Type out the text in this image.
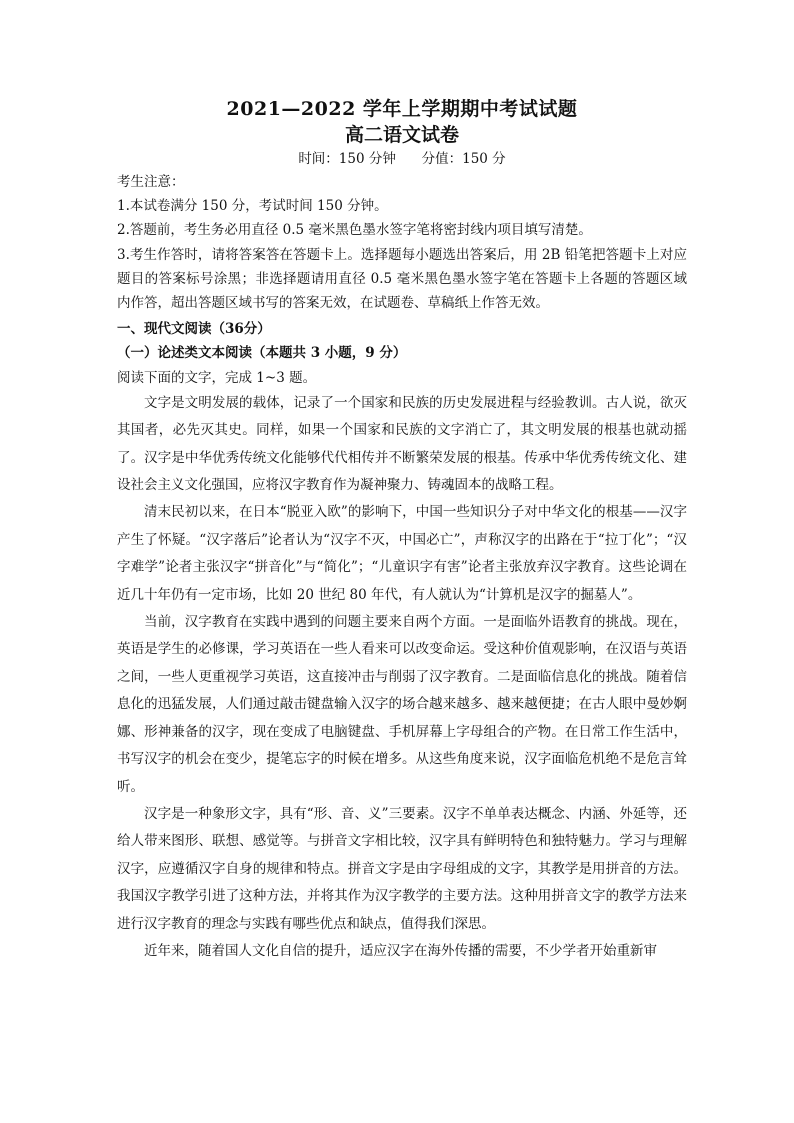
2021—2022 学年上学期期中考试试题
高二语文试卷

时间：150 分钟      分值：150 分

考生注意：

1.本试卷满分 150 分，考试时间 150 分钟。

2.答题前，考生务必用直径 0.5 毫米黑色墨水签字笔将密封线内项目填写清楚。

3.考生作答时，请将答案答在答题卡上。选择题每小题选出答案后，用 2B 铅笔把答题卡上对应题目的答案标号涂黑；非选择题请用直径 0.5 毫米黑色墨水签字笔在答题卡上各题的答题区域内作答，超出答题区域书写的答案无效，在试题卷、草稿纸上作答无效。

一、现代文阅读（36分）

（一）论述类文本阅读（本题共 3 小题，9 分）

阅读下面的文字，完成 1~3 题。

文字是文明发展的载体，记录了一个国家和民族的历史发展进程与经验教训。古人说，欲灭其国者，必先灭其史。同样，如果一个国家和民族的文字消亡了，其文明发展的根基也就动摇了。汉字是中华优秀传统文化能够代代相传并不断繁荣发展的根基。传承中华优秀传统文化、建设社会主义文化强国，应将汉字教育作为凝神聚力、铸魂固本的战略工程。

清末民初以来，在日本“脱亚入欧”的影响下，中国一些知识分子对中华文化的根基——汉字产生了怀疑。“汉字落后”论者认为“汉字不灭，中国必亡”，声称汉字的出路在于“拉丁化”；“汉字难学”论者主张汉字“拼音化”与“简化”；“儿童识字有害”论者主张放弃汉字教育。这些论调在近几十年仍有一定市场，比如 20 世纪 80 年代，有人就认为“计算机是汉字的掘墓人”。

当前，汉字教育在实践中遇到的问题主要来自两个方面。一是面临外语教育的挑战。现在，英语是学生的必修课，学习英语在一些人看来可以改变命运。受这种价值观影响，在汉语与英语之间，一些人更重视学习英语，这直接冲击与削弱了汉字教育。二是面临信息化的挑战。随着信息化的迅猛发展，人们通过敲击键盘输入汉字的场合越来越多、越来越便捷；在古人眼中曼妙婀娜、形神兼备的汉字，现在变成了电脑键盘、手机屏幕上字母组合的产物。在日常工作生活中，书写汉字的机会在变少，提笔忘字的时候在增多。从这些角度来说，汉字面临危机绝不是危言耸听。

汉字是一种象形文字，具有“形、音、义”三要素。汉字不单单表达概念、内涵、外延等，还给人带来图形、联想、感觉等。与拼音文字相比较，汉字具有鲜明特色和独特魅力。学习与理解汉字，应遵循汉字自身的规律和特点。拼音文字是由字母组成的文字，其教学是用拼音的方法。我国汉字教学引进了这种方法，并将其作为汉字教学的主要方法。这种用拼音文字的教学方法来进行汉字教育的理念与实践有哪些优点和缺点，值得我们深思。

近年来，随着国人文化自信的提升，适应汉字在海外传播的需要，不少学者开始重新审
